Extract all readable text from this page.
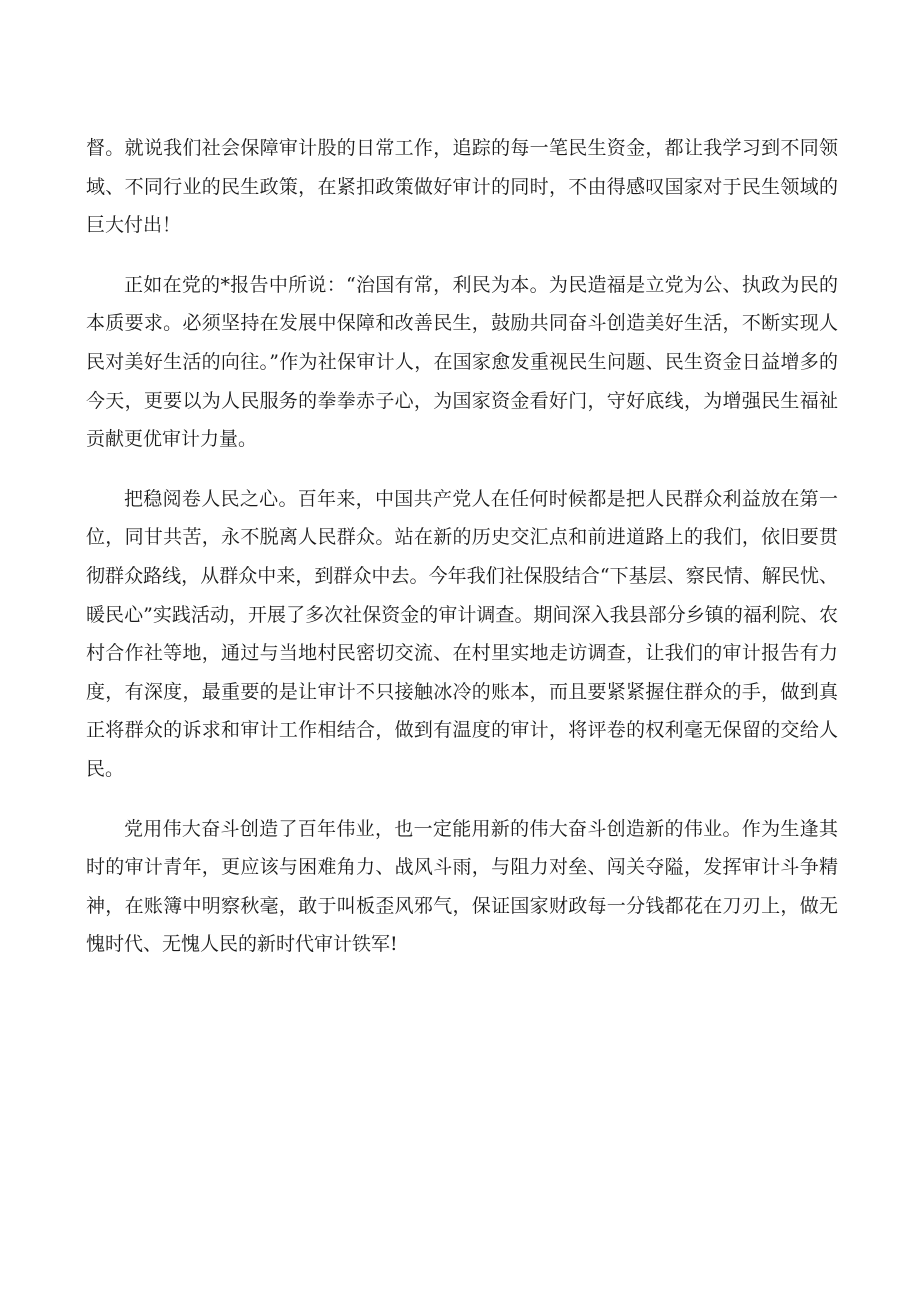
督。就说我们社会保障审计股的日常工作，追踪的每一笔民生资金，都让我学习到不同领域、不同行业的民生政策，在紧扣政策做好审计的同时，不由得感叹国家对于民生领域的巨大付出！

正如在党的*报告中所说：“治国有常，利民为本。为民造福是立党为公、执政为民的本质要求。必须坚持在发展中保障和改善民生，鼓励共同奋斗创造美好生活，不断实现人民对美好生活的向往。”作为社保审计人，在国家愈发重视民生问题、民生资金日益增多的今天，更要以为人民服务的拳拳赤子心，为国家资金看好门，守好底线，为增强民生福祉贡献更优审计力量。

把稳阅卷人民之心。百年来，中国共产党人在任何时候都是把人民群众利益放在第一位，同甘共苦，永不脱离人民群众。站在新的历史交汇点和前进道路上的我们，依旧要贯彻群众路线，从群众中来，到群众中去。今年我们社保股结合“下基层、察民情、解民忧、暖民心”实践活动，开展了多次社保资金的审计调查。期间深入我县部分乡镇的福利院、农村合作社等地，通过与当地村民密切交流、在村里实地走访调查，让我们的审计报告有力度，有深度，最重要的是让审计不只接触冰冷的账本，而且要紧紧握住群众的手，做到真正将群众的诉求和审计工作相结合，做到有温度的审计，将评卷的权利毫无保留的交给人民。

党用伟大奋斗创造了百年伟业，也一定能用新的伟大奋斗创造新的伟业。作为生逢其时的审计青年，更应该与困难角力、战风斗雨，与阻力对垒、闯关夺隘，发挥审计斗争精神，在账簿中明察秋毫，敢于叫板歪风邪气，保证国家财政每一分钱都花在刀刃上，做无愧时代、无愧人民的新时代审计铁军!
